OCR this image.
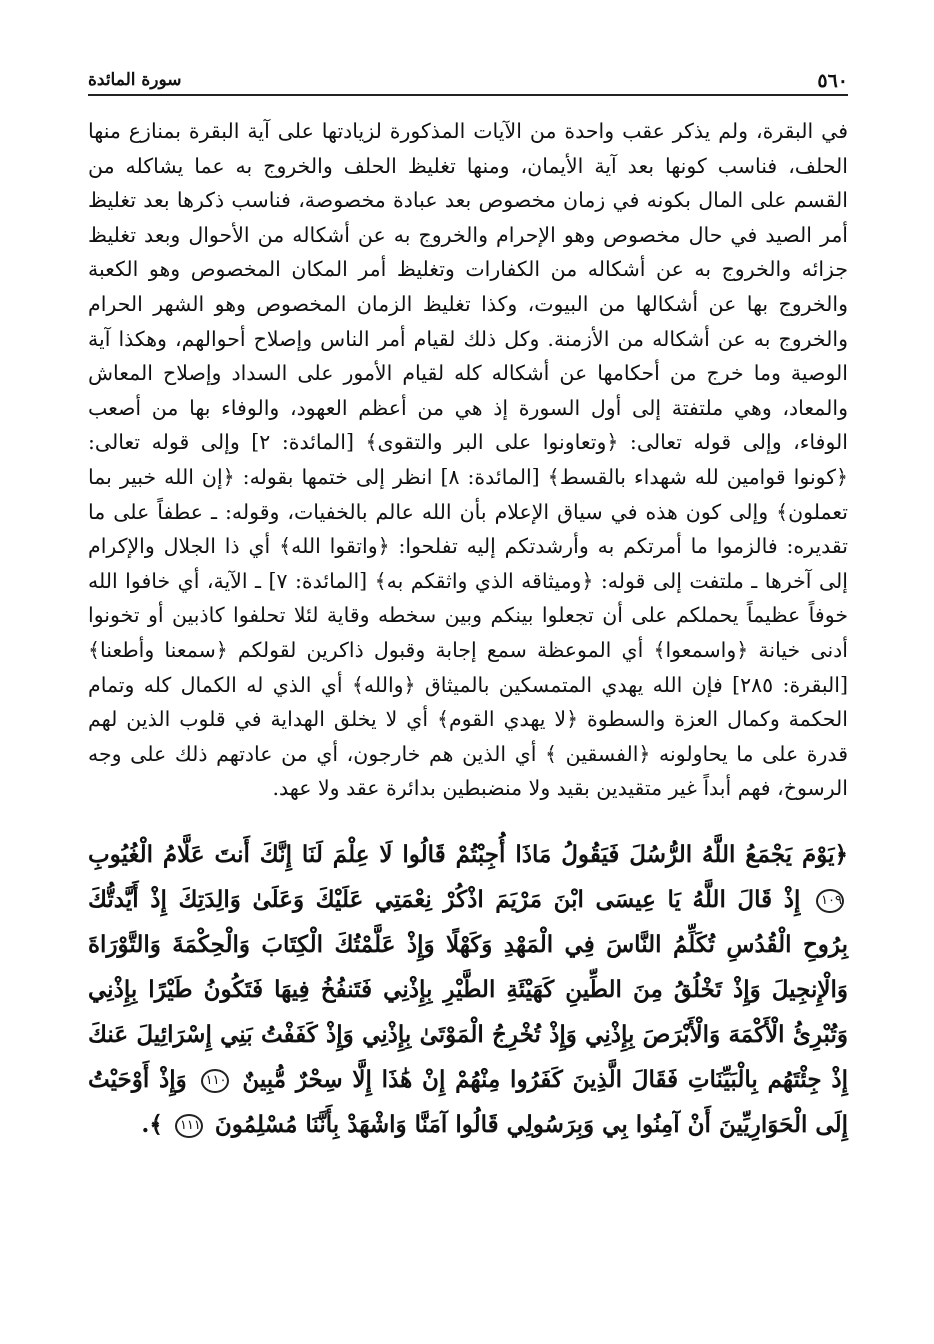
٥٦٠
سورة المائدة
في البقرة، ولم يذكر عقب واحدة من الآيات المذكورة لزيادتها على آية البقرة بمنازع منها الحلف، فناسب كونها بعد آية الأيمان، ومنها تغليظ الحلف والخروج به عما يشاكله من القسم على المال بكونه في زمان مخصوص بعد عبادة مخصوصة، فناسب ذكرها بعد تغليظ أمر الصيد في حال مخصوص وهو الإحرام والخروج به عن أشكاله من الأحوال وبعد تغليظ جزائه والخروج به عن أشكاله من الكفارات وتغليظ أمر المكان المخصوص وهو الكعبة والخروج بها عن أشكالها من البيوت، وكذا تغليظ الزمان المخصوص وهو الشهر الحرام والخروج به عن أشكاله من الأزمنة. وكل ذلك لقيام أمر الناس وإصلاح أحوالهم، وهكذا آية الوصية وما خرج من أحكامها عن أشكاله كله لقيام الأمور على السداد وإصلاح المعاش والمعاد، وهي ملتفتة إلى أول السورة إذ هي من أعظم العهود، والوفاء بها من أصعب الوفاء، وإلى قوله تعالى: ﴿وتعاونوا على البر والتقوى﴾ [المائدة: ٢] وإلى قوله تعالى: ﴿كونوا قوامين لله شهداء بالقسط﴾ [المائدة: ٨] انظر إلى ختمها بقوله: ﴿إن الله خبير بما تعملون﴾ وإلى كون هذه في سياق الإعلام بأن الله عالم بالخفيات، وقوله: ـ عطفاً على ما تقديره: فالزموا ما أمرتكم به وأرشدتكم إليه تفلحوا: ﴿واتقوا الله﴾ أي ذا الجلال والإكرام إلى آخرها ـ ملتفت إلى قوله: ﴿وميثاقه الذي واثقكم به﴾ [المائدة: ٧] ـ الآية، أي خافوا الله خوفاً عظيماً يحملكم على أن تجعلوا بينكم وبين سخطه وقاية لئلا تحلفوا كاذبين أو تخونوا أدنى خيانة ﴿واسمعوا﴾ أي الموعظة سمع إجابة وقبول ذاكرين لقولكم ﴿سمعنا وأطعنا﴾ [البقرة: ٢٨٥] فإن الله يهدي المتمسكين بالميثاق ﴿والله﴾ أي الذي له الكمال كله وتمام الحكمة وكمال العزة والسطوة ﴿لا يهدي القوم﴾ أي لا يخلق الهداية في قلوب الذين لهم قدرة على ما يحاولونه ﴿الفسقين ﴾ أي الذين هم خارجون، أي من عادتهم ذلك على وجه الرسوخ، فهم أبداً غير متقيدين بقيد ولا منضبطين بدائرة عقد ولا عهد.
﴿يَوْمَ يَجْمَعُ اللَّهُ الرُّسُلَ فَيَقُولُ مَاذَا أُجِبْتُمْ قَالُوا لَا عِلْمَ لَنَا إِنَّكَ أَنتَ عَلَّامُ الْغُيُوبِ ١٠٩ إِذْ قَالَ اللَّهُ يَا عِيسَى ابْنَ مَرْيَمَ اذْكُرْ نِعْمَتِي عَلَيْكَ وَعَلَىٰ وَالِدَتِكَ إِذْ أَيَّدتُّكَ بِرُوحِ الْقُدُسِ تُكَلِّمُ النَّاسَ فِي الْمَهْدِ وَكَهْلًا وَإِذْ عَلَّمْتُكَ الْكِتَابَ وَالْحِكْمَةَ وَالتَّوْرَاةَ وَالْإِنجِيلَ وَإِذْ تَخْلُقُ مِنَ الطِّينِ كَهَيْئَةِ الطَّيْرِ بِإِذْنِي فَتَنفُخُ فِيهَا فَتَكُونُ طَيْرًا بِإِذْنِي وَتُبْرِئُ الْأَكْمَهَ وَالْأَبْرَصَ بِإِذْنِي وَإِذْ تُخْرِجُ الْمَوْتَىٰ بِإِذْنِي وَإِذْ كَفَفْتُ بَنِي إِسْرَائِيلَ عَنكَ إِذْ جِئْتَهُم بِالْبَيِّنَاتِ فَقَالَ الَّذِينَ كَفَرُوا مِنْهُمْ إِنْ هَٰذَا إِلَّا سِحْرٌ مُّبِينٌ ١١٠ وَإِذْ أَوْحَيْتُ إِلَى الْحَوَارِيِّينَ أَنْ آمِنُوا بِي وَبِرَسُولِي قَالُوا آمَنَّا وَاشْهَدْ بِأَنَّنَا مُسْلِمُونَ ١١١ ﴾.
